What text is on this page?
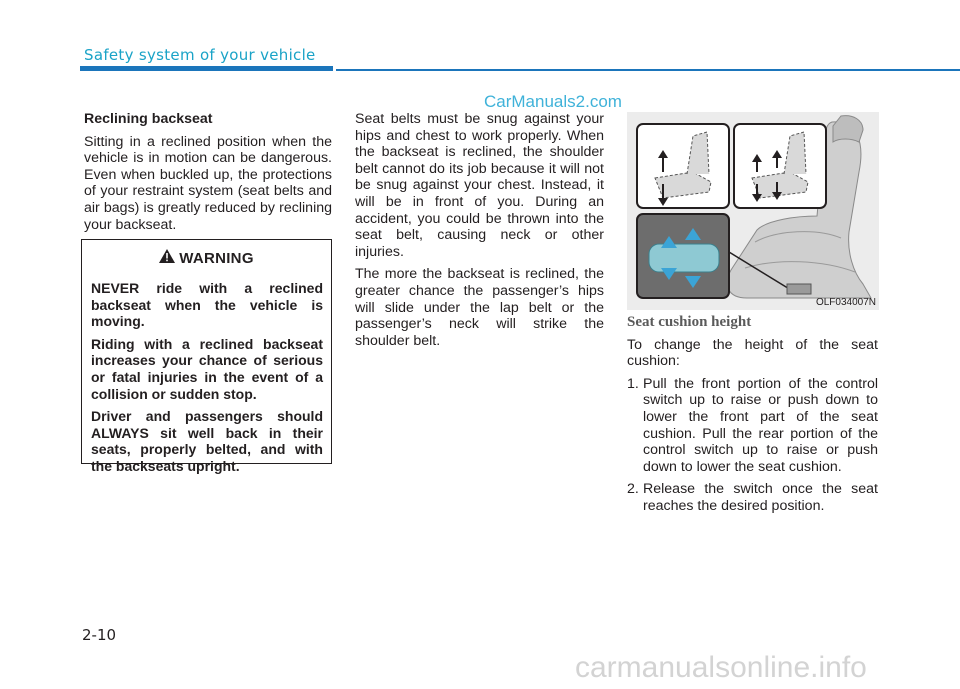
Safety system of your vehicle
CarManuals2.com

Reclining backseat

Sitting in a reclined position when the vehicle is in motion can be dangerous. Even when buckled up, the protections of your restraint system (seat belts and air bags) is greatly reduced by reclining your backseat.

WARNING

NEVER ride with a reclined backseat when the vehicle is moving.

Riding with a reclined backseat increases your chance of serious or fatal injuries in the event of a collision or sudden stop.

Driver and passengers should ALWAYS sit well back in their seats, properly belted, and with the backseats upright.

Seat belts must be snug against your hips and chest to work properly. When the backseat is reclined, the shoulder belt cannot do its job because it will not be snug against your chest. Instead, it will be in front of you. During an accident, you could be thrown into the seat belt, causing neck or other injuries.

The more the backseat is reclined, the greater chance the passenger’s hips will slide under the lap belt or the passenger’s neck will strike the shoulder belt.

OLF034007N

Seat cushion height

To change the height of the seat cushion:

1. Pull the front portion of the control switch up to raise or push down to lower the front part of the seat cushion. Pull the rear portion of the control switch up to raise or push down to lower the seat cushion.
2. Release the switch once the seat reaches the desired position.
2-10
carmanualsonline.info
